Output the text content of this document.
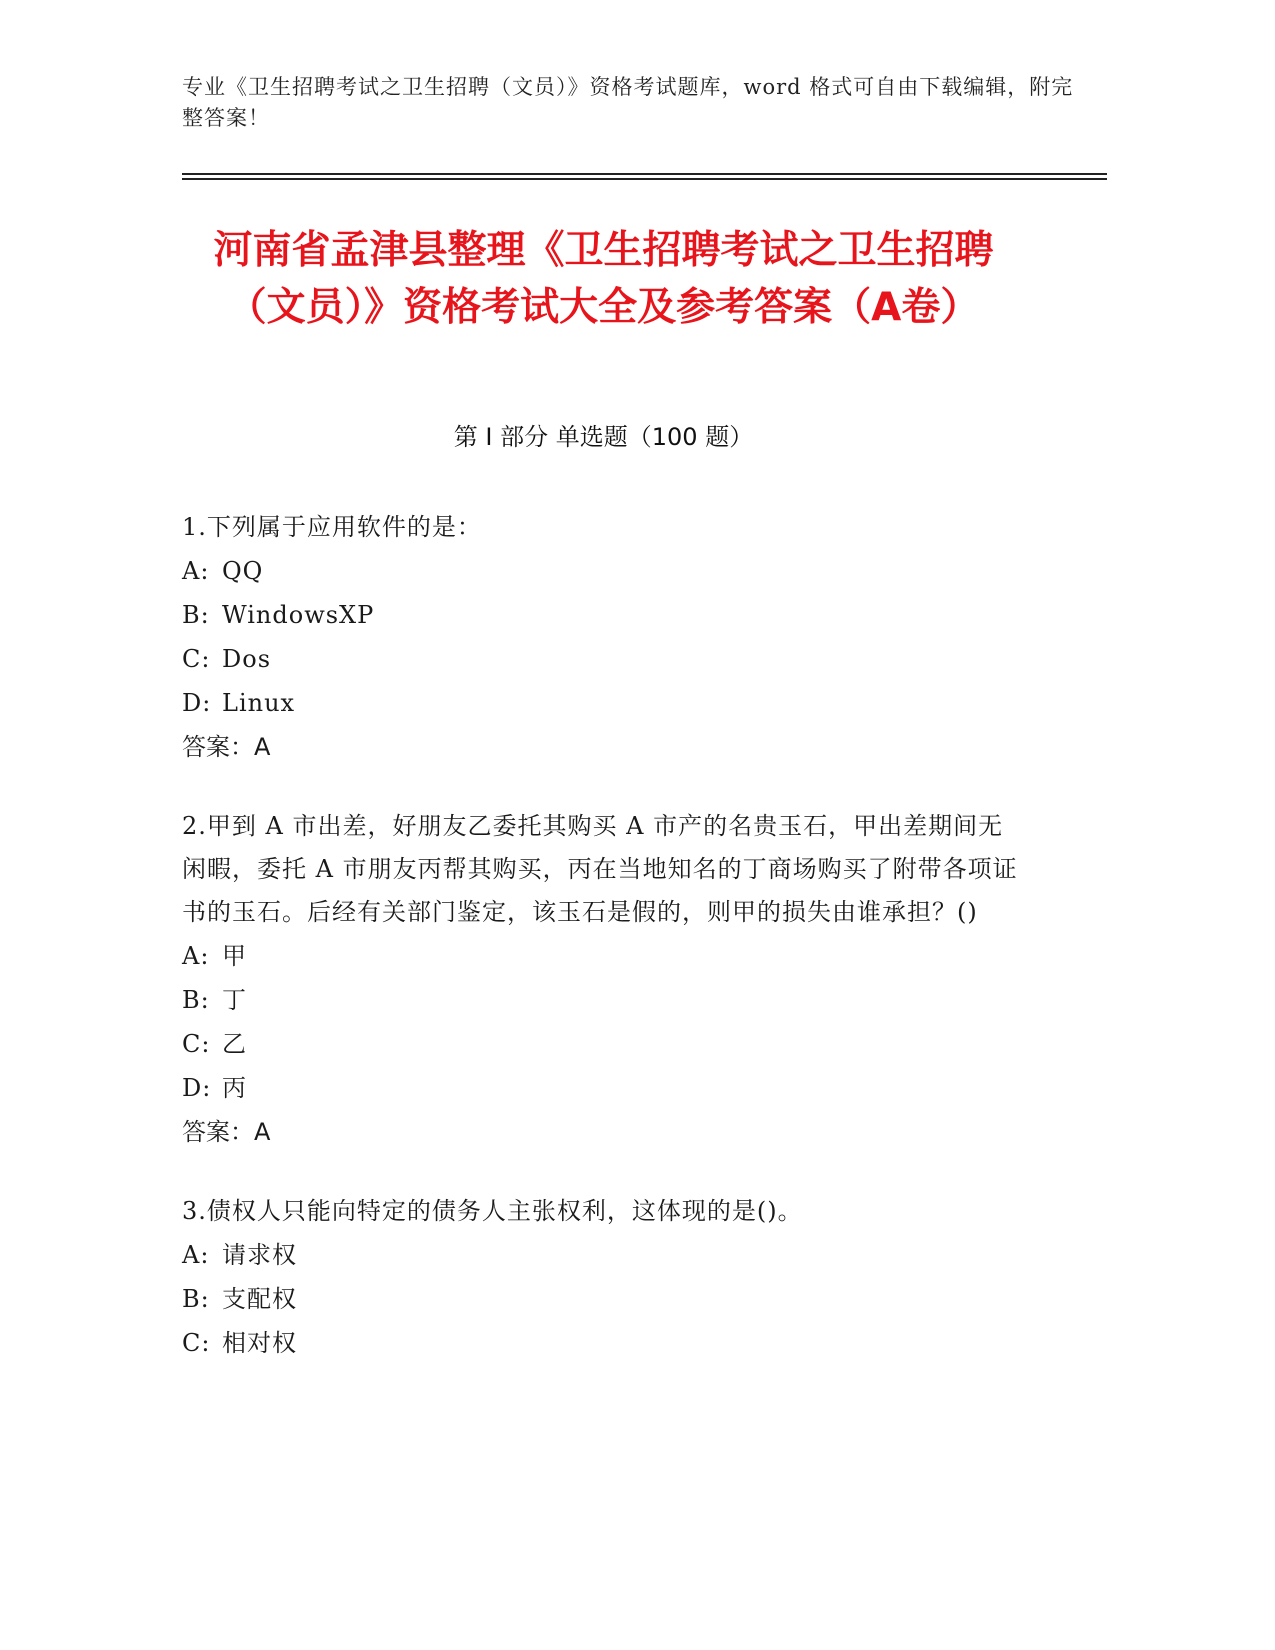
专业《卫生招聘考试之卫生招聘（文员）》资格考试题库，word 格式可自由下载编辑，附完整答案！
河南省孟津县整理《卫生招聘考试之卫生招聘（文员）》资格考试大全及参考答案（A卷）
第 I 部分 单选题（100 题）
1.下列属于应用软件的是：
A: QQ
B: WindowsXP
C: Dos
D: Linux
答案：A
2.甲到 A 市出差，好朋友乙委托其购买 A 市产的名贵玉石，甲出差期间无闲暇，委托 A 市朋友丙帮其购买，丙在当地知名的丁商场购买了附带各项证书的玉石。后经有关部门鉴定，该玉石是假的，则甲的损失由谁承担？()
A: 甲
B: 丁
C: 乙
D: 丙
答案：A
3.债权人只能向特定的债务人主张权利，这体现的是()。
A: 请求权
B: 支配权
C: 相对权
